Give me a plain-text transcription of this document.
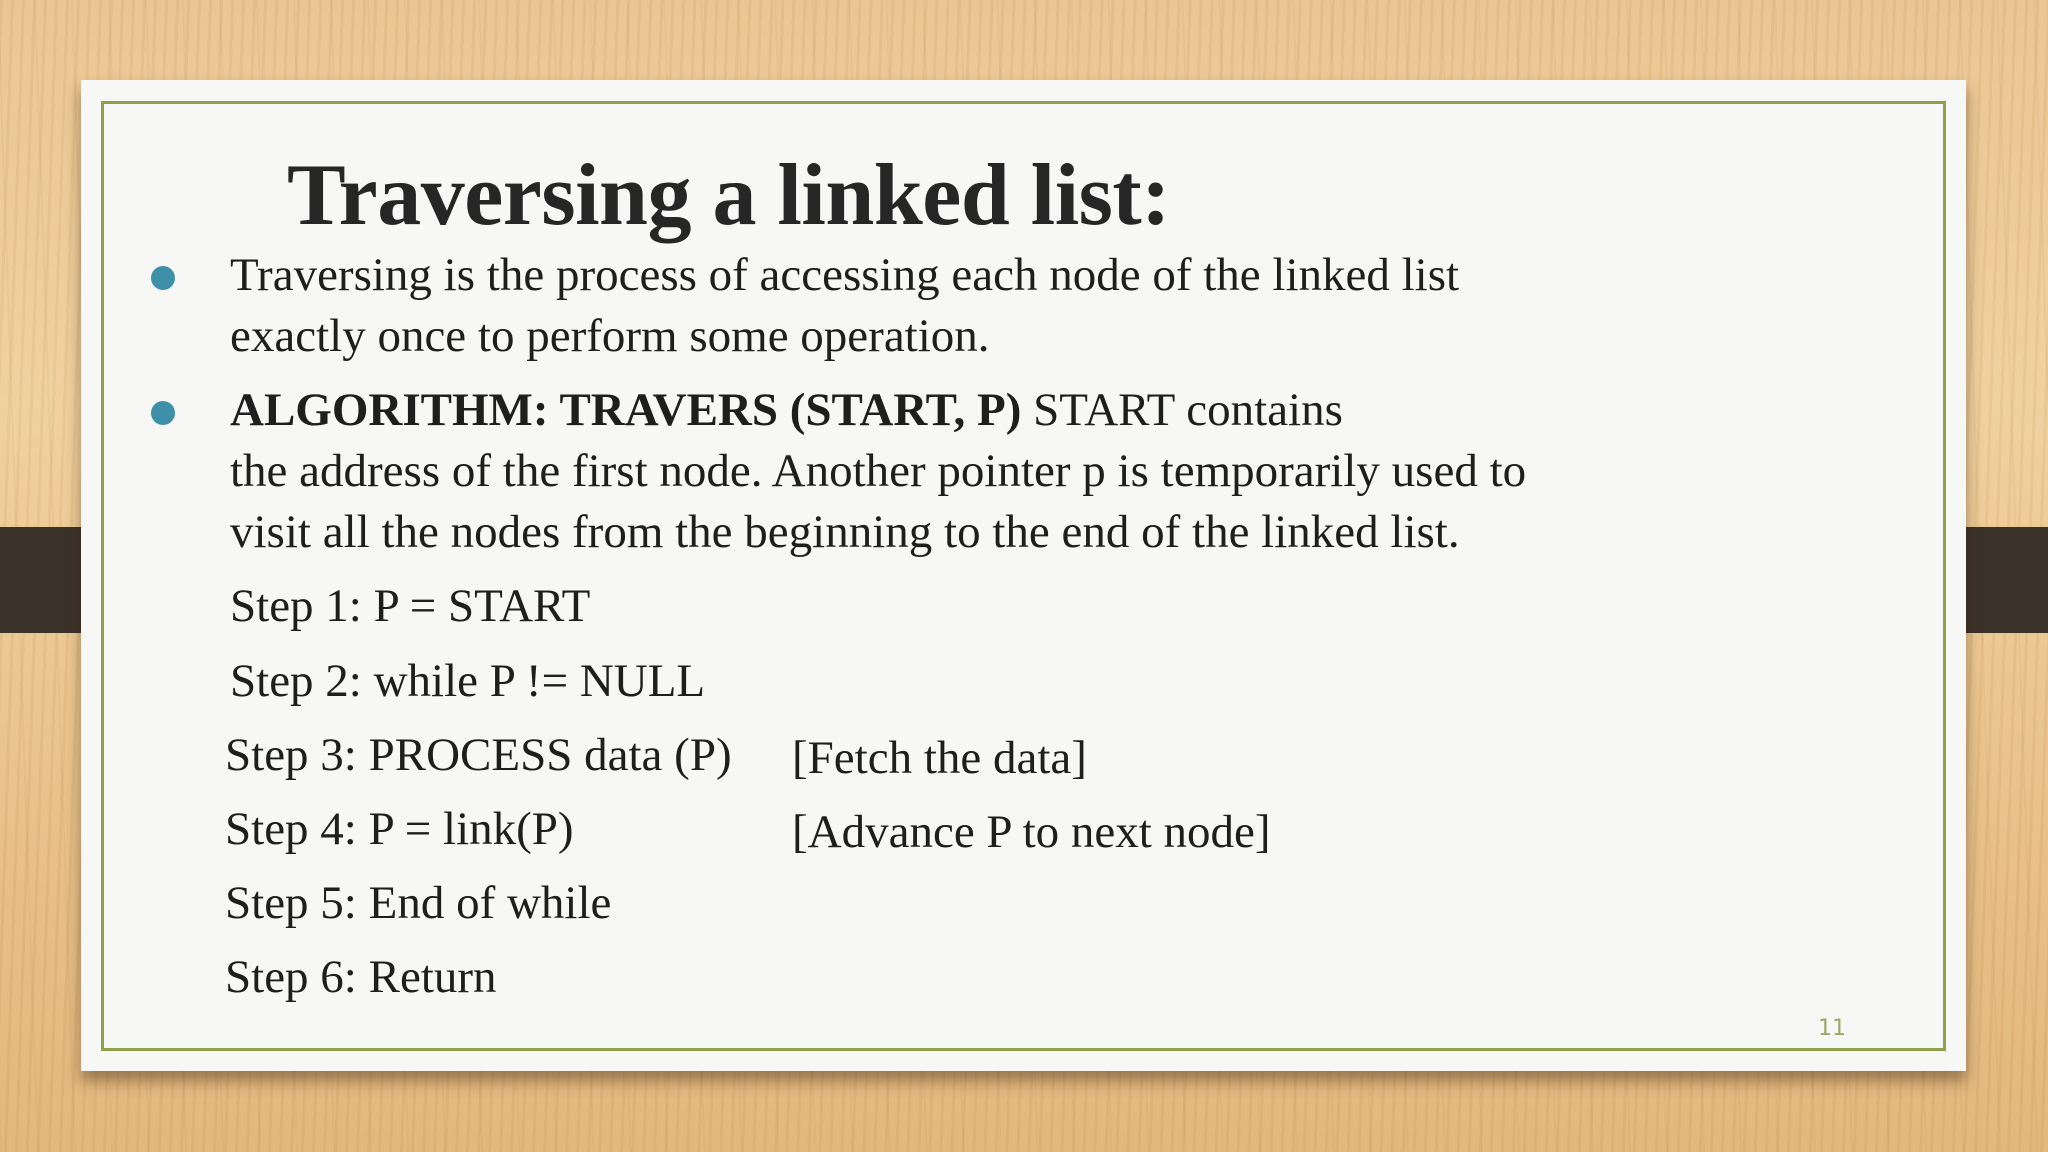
Traversing a linked list:

Traversing is the process of accessing each node of the linked list
exactly once to perform some operation.

ALGORITHM: TRAVERS (START, P) START contains
the address of the first node. Another pointer p is temporarily used to
visit all the nodes from the beginning to the end of the linked list.

Step 1: P = START

Step 2: while P != NULL

Step 3: PROCESS data (P) [Fetch the data]

Step 4: P = link(P)	[Advance P to next node]

Step 5: End of while

Step 6: Return

11
